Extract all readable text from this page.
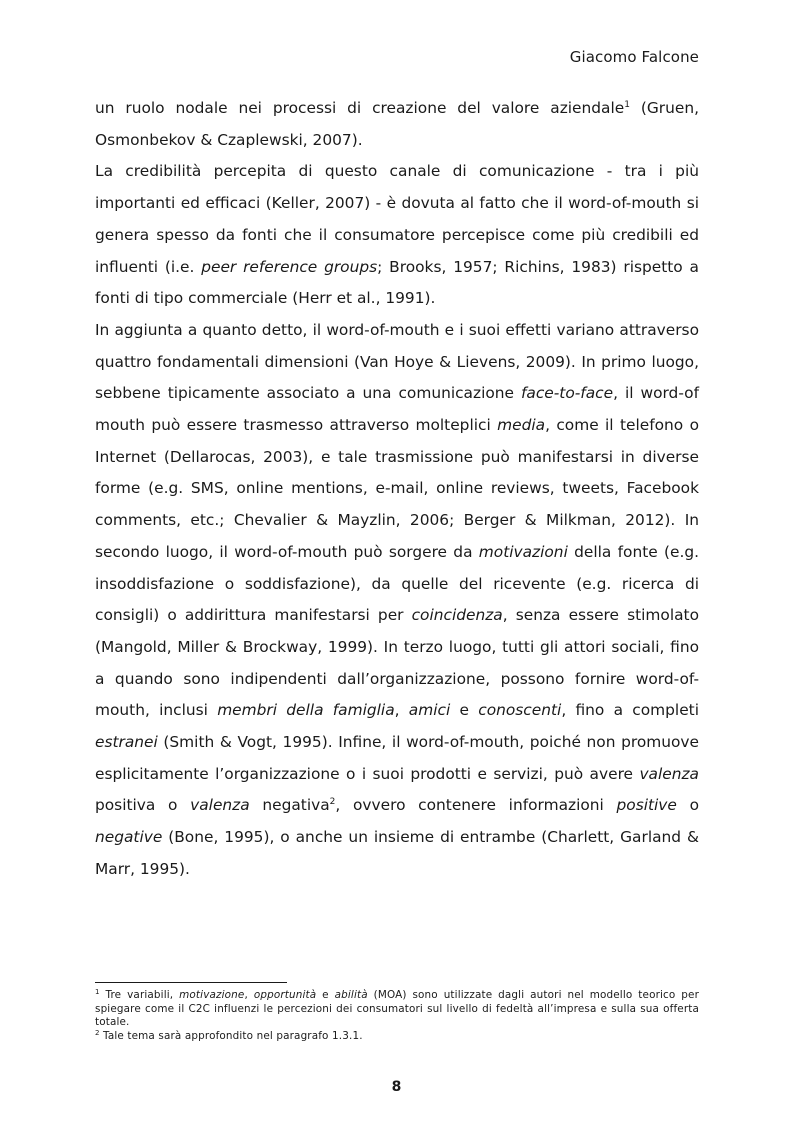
Giacomo Falcone

un ruolo nodale nei processi di creazione del valore aziendale$^1$ (Gruen, Osmonbekov & Czaplewski, 2007).

La credibilità percepita di questo canale di comunicazione - tra i più importanti ed efficaci (Keller, 2007) - è dovuta al fatto che il word-of-mouth si genera spesso da fonti che il consumatore percepisce come più credibili ed influenti (i.e. peer reference groups; Brooks, 1957; Richins, 1983) rispetto a fonti di tipo commerciale (Herr et al., 1991).

In aggiunta a quanto detto, il word-of-mouth e i suoi effetti variano attraverso quattro fondamentali dimensioni (Van Hoye & Lievens, 2009). In primo luogo, sebbene tipicamente associato a una comunicazione face-to-face, il word-of mouth può essere trasmesso attraverso molteplici media, come il telefono o Internet (Dellarocas, 2003), e tale trasmissione può manifestarsi in diverse forme (e.g. SMS, online mentions, e-mail, online reviews, tweets, Facebook comments, etc.; Chevalier & Mayzlin, 2006; Berger & Milkman, 2012). In secondo luogo, il word-of-mouth può sorgere da motivazioni della fonte (e.g. insoddisfazione o soddisfazione), da quelle del ricevente (e.g. ricerca di consigli) o addirittura manifestarsi per coincidenza, senza essere stimolato (Mangold, Miller & Brockway, 1999). In terzo luogo, tutti gli attori sociali, fino a quando sono indipendenti dall’organizzazione, possono fornire word-of-mouth, inclusi membri della famiglia, amici e conoscenti, fino a completi estranei (Smith & Vogt, 1995). Infine, il word-of-mouth, poiché non promuove esplicitamente l’organizzazione o i suoi prodotti e servizi, può avere valenza positiva o valenza negativa$^2$, ovvero contenere informazioni positive o negative (Bone, 1995), o anche un insieme di entrambe (Charlett, Garland & Marr, 1995).

$^1$ Tre variabili, motivazione, opportunità e abilità (MOA) sono utilizzate dagli autori nel modello teorico per spiegare come il C2C influenzi le percezioni dei consumatori sul livello di fedeltà all’impresa e sulla sua offerta totale.

$^2$ Tale tema sarà approfondito nel paragrafo 1.3.1.

8
